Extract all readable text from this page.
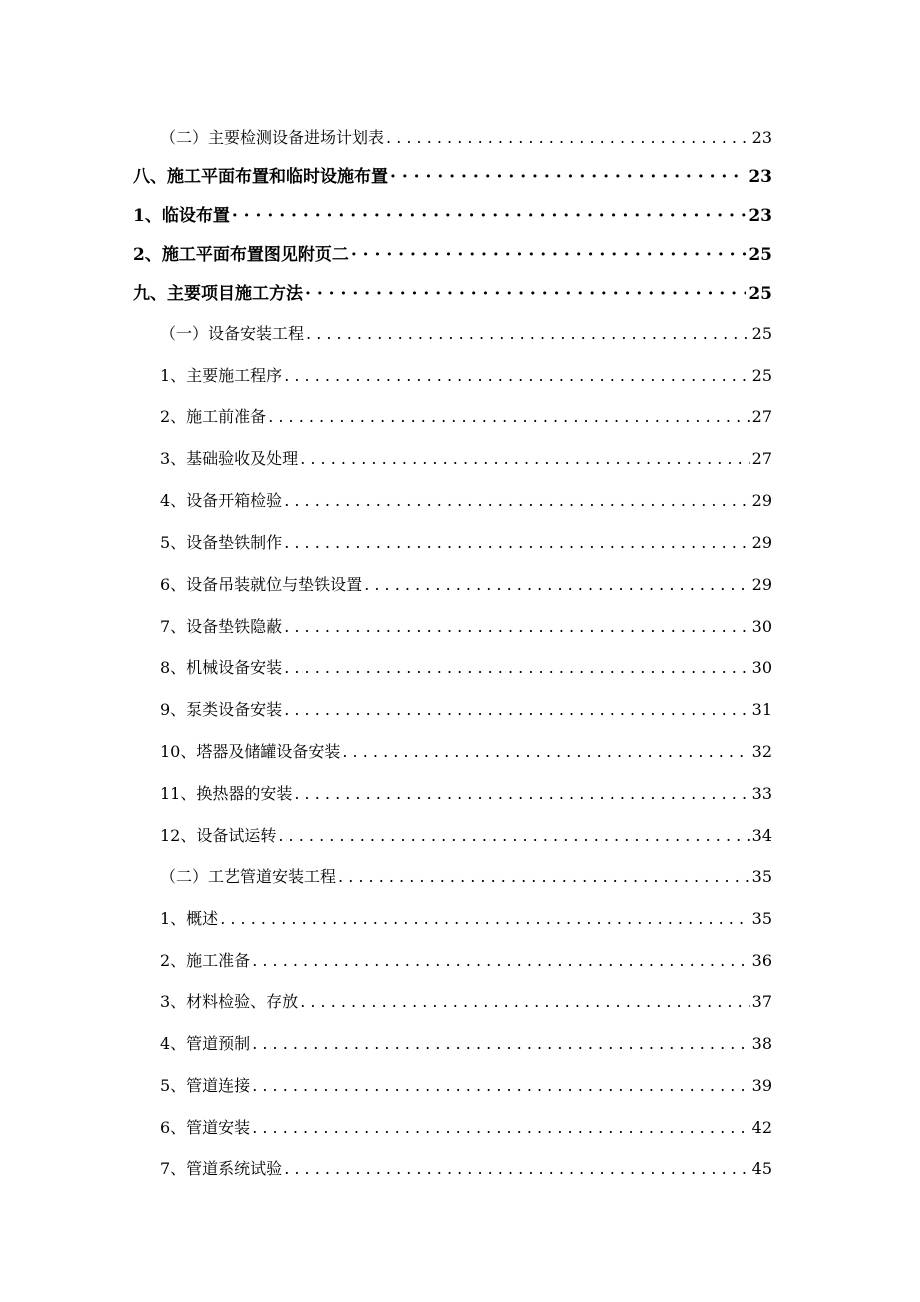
（二）主要检测设备进场计划表 . . .	23
八、施工平面布置和临时设施布置 · · ·	23
1、临设布置 · · ·	23
2、施工平面布置图见附页二 · · ·	25
九、主要项目施工方法 · · ·	25
（一）设备安装工程 . . .	25
1、主要施工程序 . . .	25
2、施工前准备 . . .	27
3、基础验收及处理 . . .	27
4、设备开箱检验 . . .	29
5、设备垫铁制作 . . .	29
6、设备吊装就位与垫铁设置 . . .	29
7、设备垫铁隐蔽 . . .	30
8、机械设备安装 . . .	30
9、泵类设备安装 . . .	31
10、塔器及储罐设备安装 . . .	32
11、换热器的安装 . . .	33
12、设备试运转 . . .	34
（二）工艺管道安装工程 . . .	35
1、概述 . . .	35
2、施工准备 . . .	36
3、材料检验、存放 . . .	37
4、管道预制 . . .	38
5、管道连接 . . .	39
6、管道安装 . . .	42
7、管道系统试验 . . .	45
